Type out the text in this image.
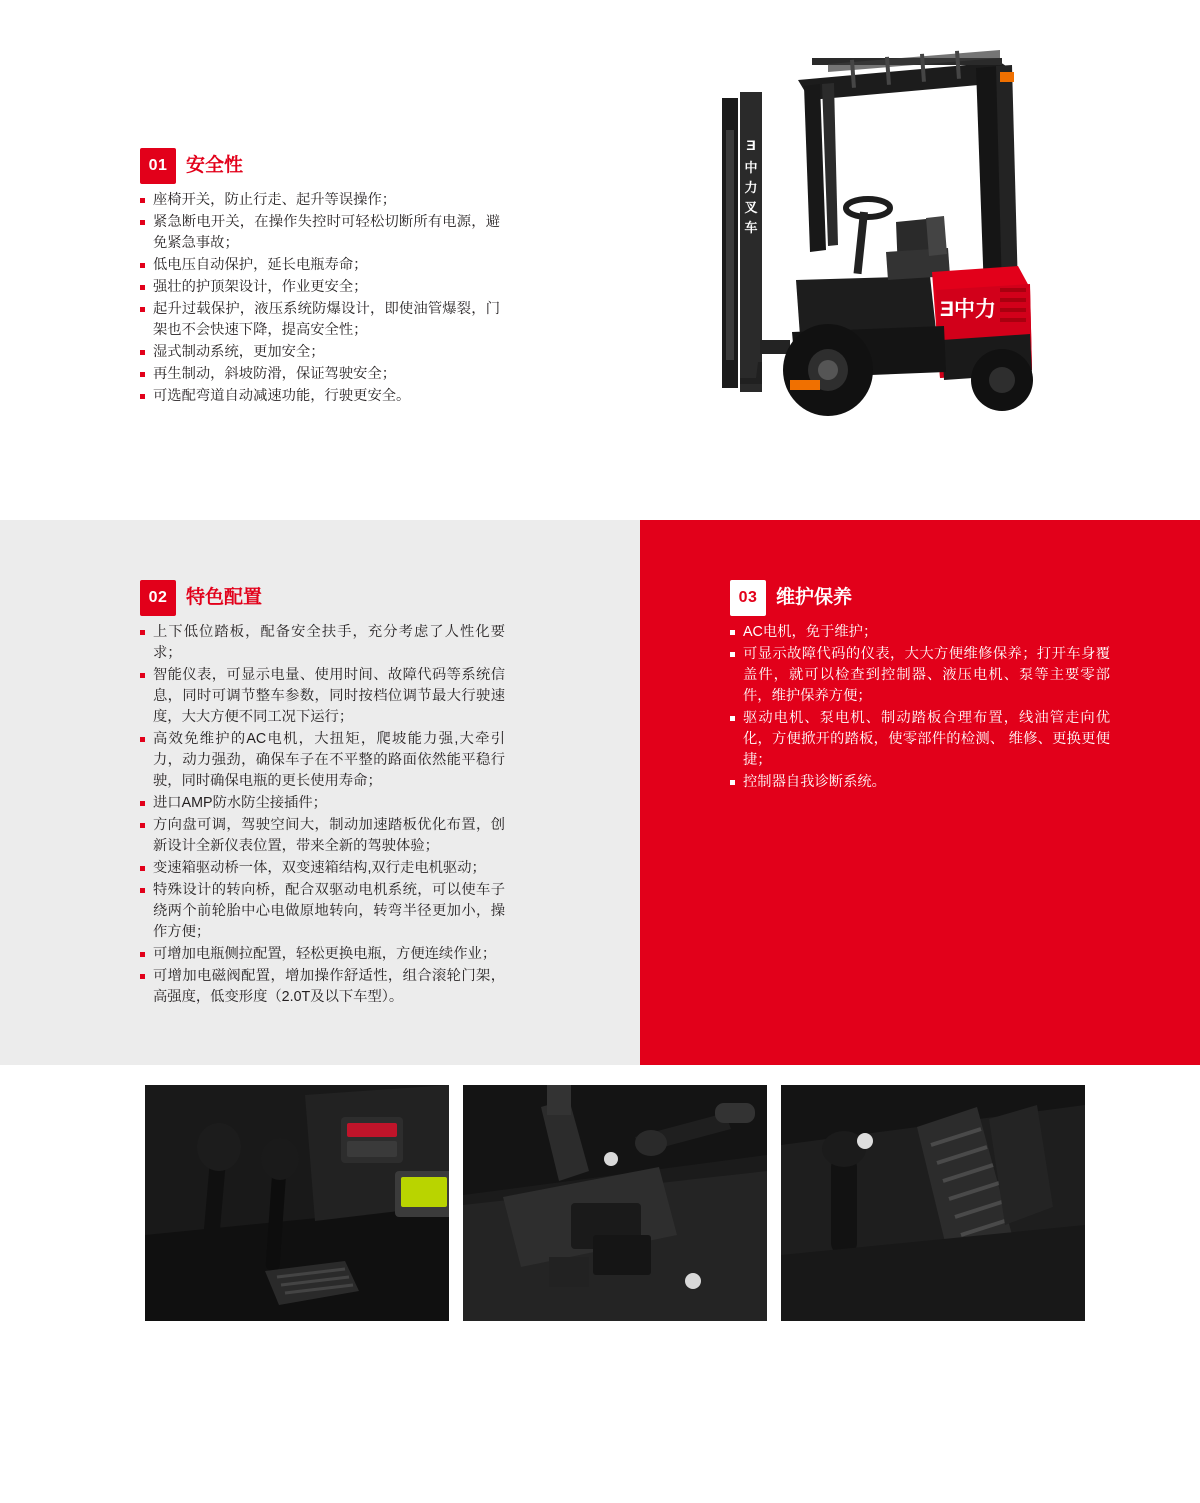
01 安全性
座椅开关，防止行走、起升等误操作；
紧急断电开关，在操作失控时可轻松切断所有电源，避免紧急事故；
低电压自动保护，延长电瓶寿命；
强壮的护顶架设计，作业更安全；
起升过载保护，液压系统防爆设计，即使油管爆裂，门架也不会快速下降，提高安全性；
湿式制动系统，更加安全；
再生制动，斜坡防滑，保证驾驶安全；
可选配弯道自动减速功能，行驶更安全。
Ǝ
中
力
叉
车
Ǝ中力
02 特色配置
上下低位踏板，配备安全扶手，充分考虑了人性化要求；
智能仪表，可显示电量、使用时间、故障代码等系统信息，同时可调节整车参数，同时按档位调节最大行驶速度，大大方便不同工况下运行；
高效免维护的AC电机，大扭矩，爬坡能力强,大牵引力，动力强劲，确保车子在不平整的路面依然能平稳行驶，同时确保电瓶的更长使用寿命；
进口AMP防水防尘接插件；
方向盘可调，驾驶空间大，制动加速踏板优化布置，创新设计全新仪表位置，带来全新的驾驶体验；
变速箱驱动桥一体，双变速箱结构,双行走电机驱动；
特殊设计的转向桥，配合双驱动电机系统，可以使车子绕两个前轮胎中心电做原地转向，转弯半径更加小，操作方便；
可增加电瓶侧拉配置，轻松更换电瓶，方便连续作业；
可增加电磁阀配置，增加操作舒适性，组合滚轮门架，高强度，低变形度（2.0T及以下车型）。
03 维护保养
AC电机，免于维护；
可显示故障代码的仪表，大大方便维修保养；打开车身覆盖件，就可以检查到控制器、液压电机、泵等主要零部件，维护保养方便；
驱动电机、泵电机、制动踏板合理布置，线油管走向优化，方便掀开的踏板，使零部件的检测、 维修、更换更便捷；
控制器自我诊断系统。
